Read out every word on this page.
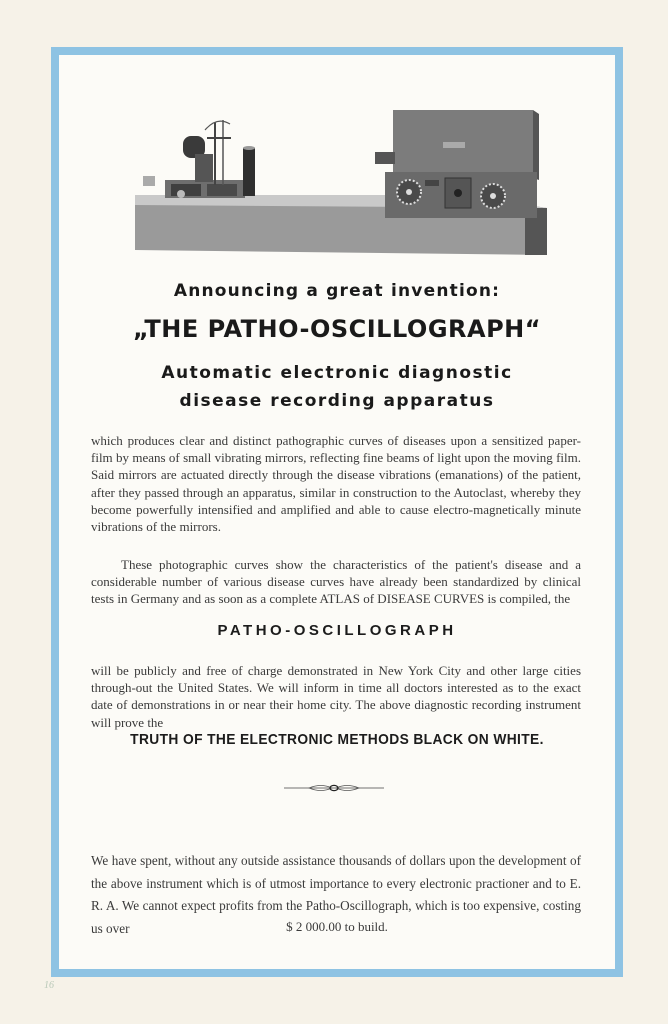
Announcing a great invention:
„THE PATHO-OSCILLOGRAPH“
Automatic electronic diagnostic
disease recording apparatus

which produces clear and distinct pathographic curves of diseases upon a sensitized paper-film by means of small vibrating mirrors, reflecting fine beams of light upon the moving film. Said mirrors are actuated directly through the disease vibrations (emanations) of the patient, after they passed through an apparatus, similar in construction to the Autoclast, whereby they become powerfully intensified and amplified and able to cause electro-magnetically minute vibrations of the mirrors.

These photographic curves show the characteristics of the patient's disease and a considerable number of various disease curves have already been standardized by clinical tests in Germany and as soon as a complete ATLAS of DISEASE CURVES is compiled, the

PATHO-OSCILLOGRAPH

will be publicly and free of charge demonstrated in New York City and other large cities through-out the United States. We will inform in time all doctors interested as to the exact date of demonstrations in or near their home city. The above diagnostic recording instrument will prove the

TRUTH OF THE ELECTRONIC METHODS BLACK ON WHITE.

We have spent, without any outside assistance thousands of dollars upon the development of the above instrument which is of utmost importance to every electronic practioner and to E. R. A. We cannot expect profits from the Patho-Oscillograph, which is too expensive, costing us over	$ 2 000.00 to build.
16
